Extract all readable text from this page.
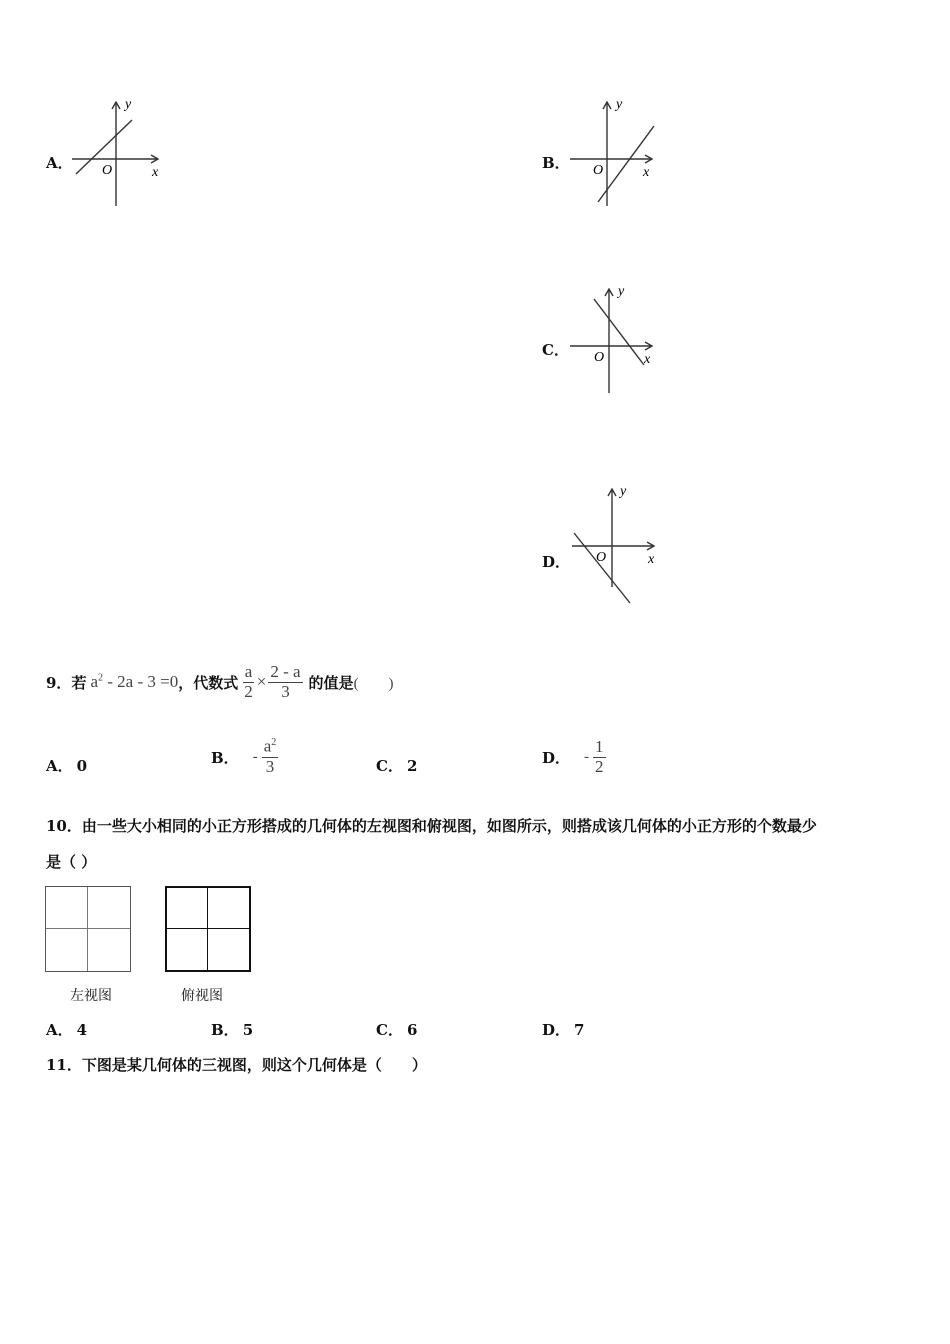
A．
y
x
O	B．
y
x
O
C．
y
x
O
D．
y
x
O
9． 若 $a^2 - 2a - 3 =0$ ，代数式 $\frac{a}{2} \times \frac{2 - a}{3}$ 的值是 (　　)
A． 0	B． - $\frac{a^2}{3}$	C． 2	D． - $\frac{1}{2}$
10．由一些大小相同的小正方形搭成的几何体的左视图和俯视图，如图所示，则搭成该几何体的小正方形的个数最少
是（ ）
左视图	俯视图
A． 4	B． 5	C． 6	D． 7
11．下图是某几何体的三视图，则这个几何体是（　　）
